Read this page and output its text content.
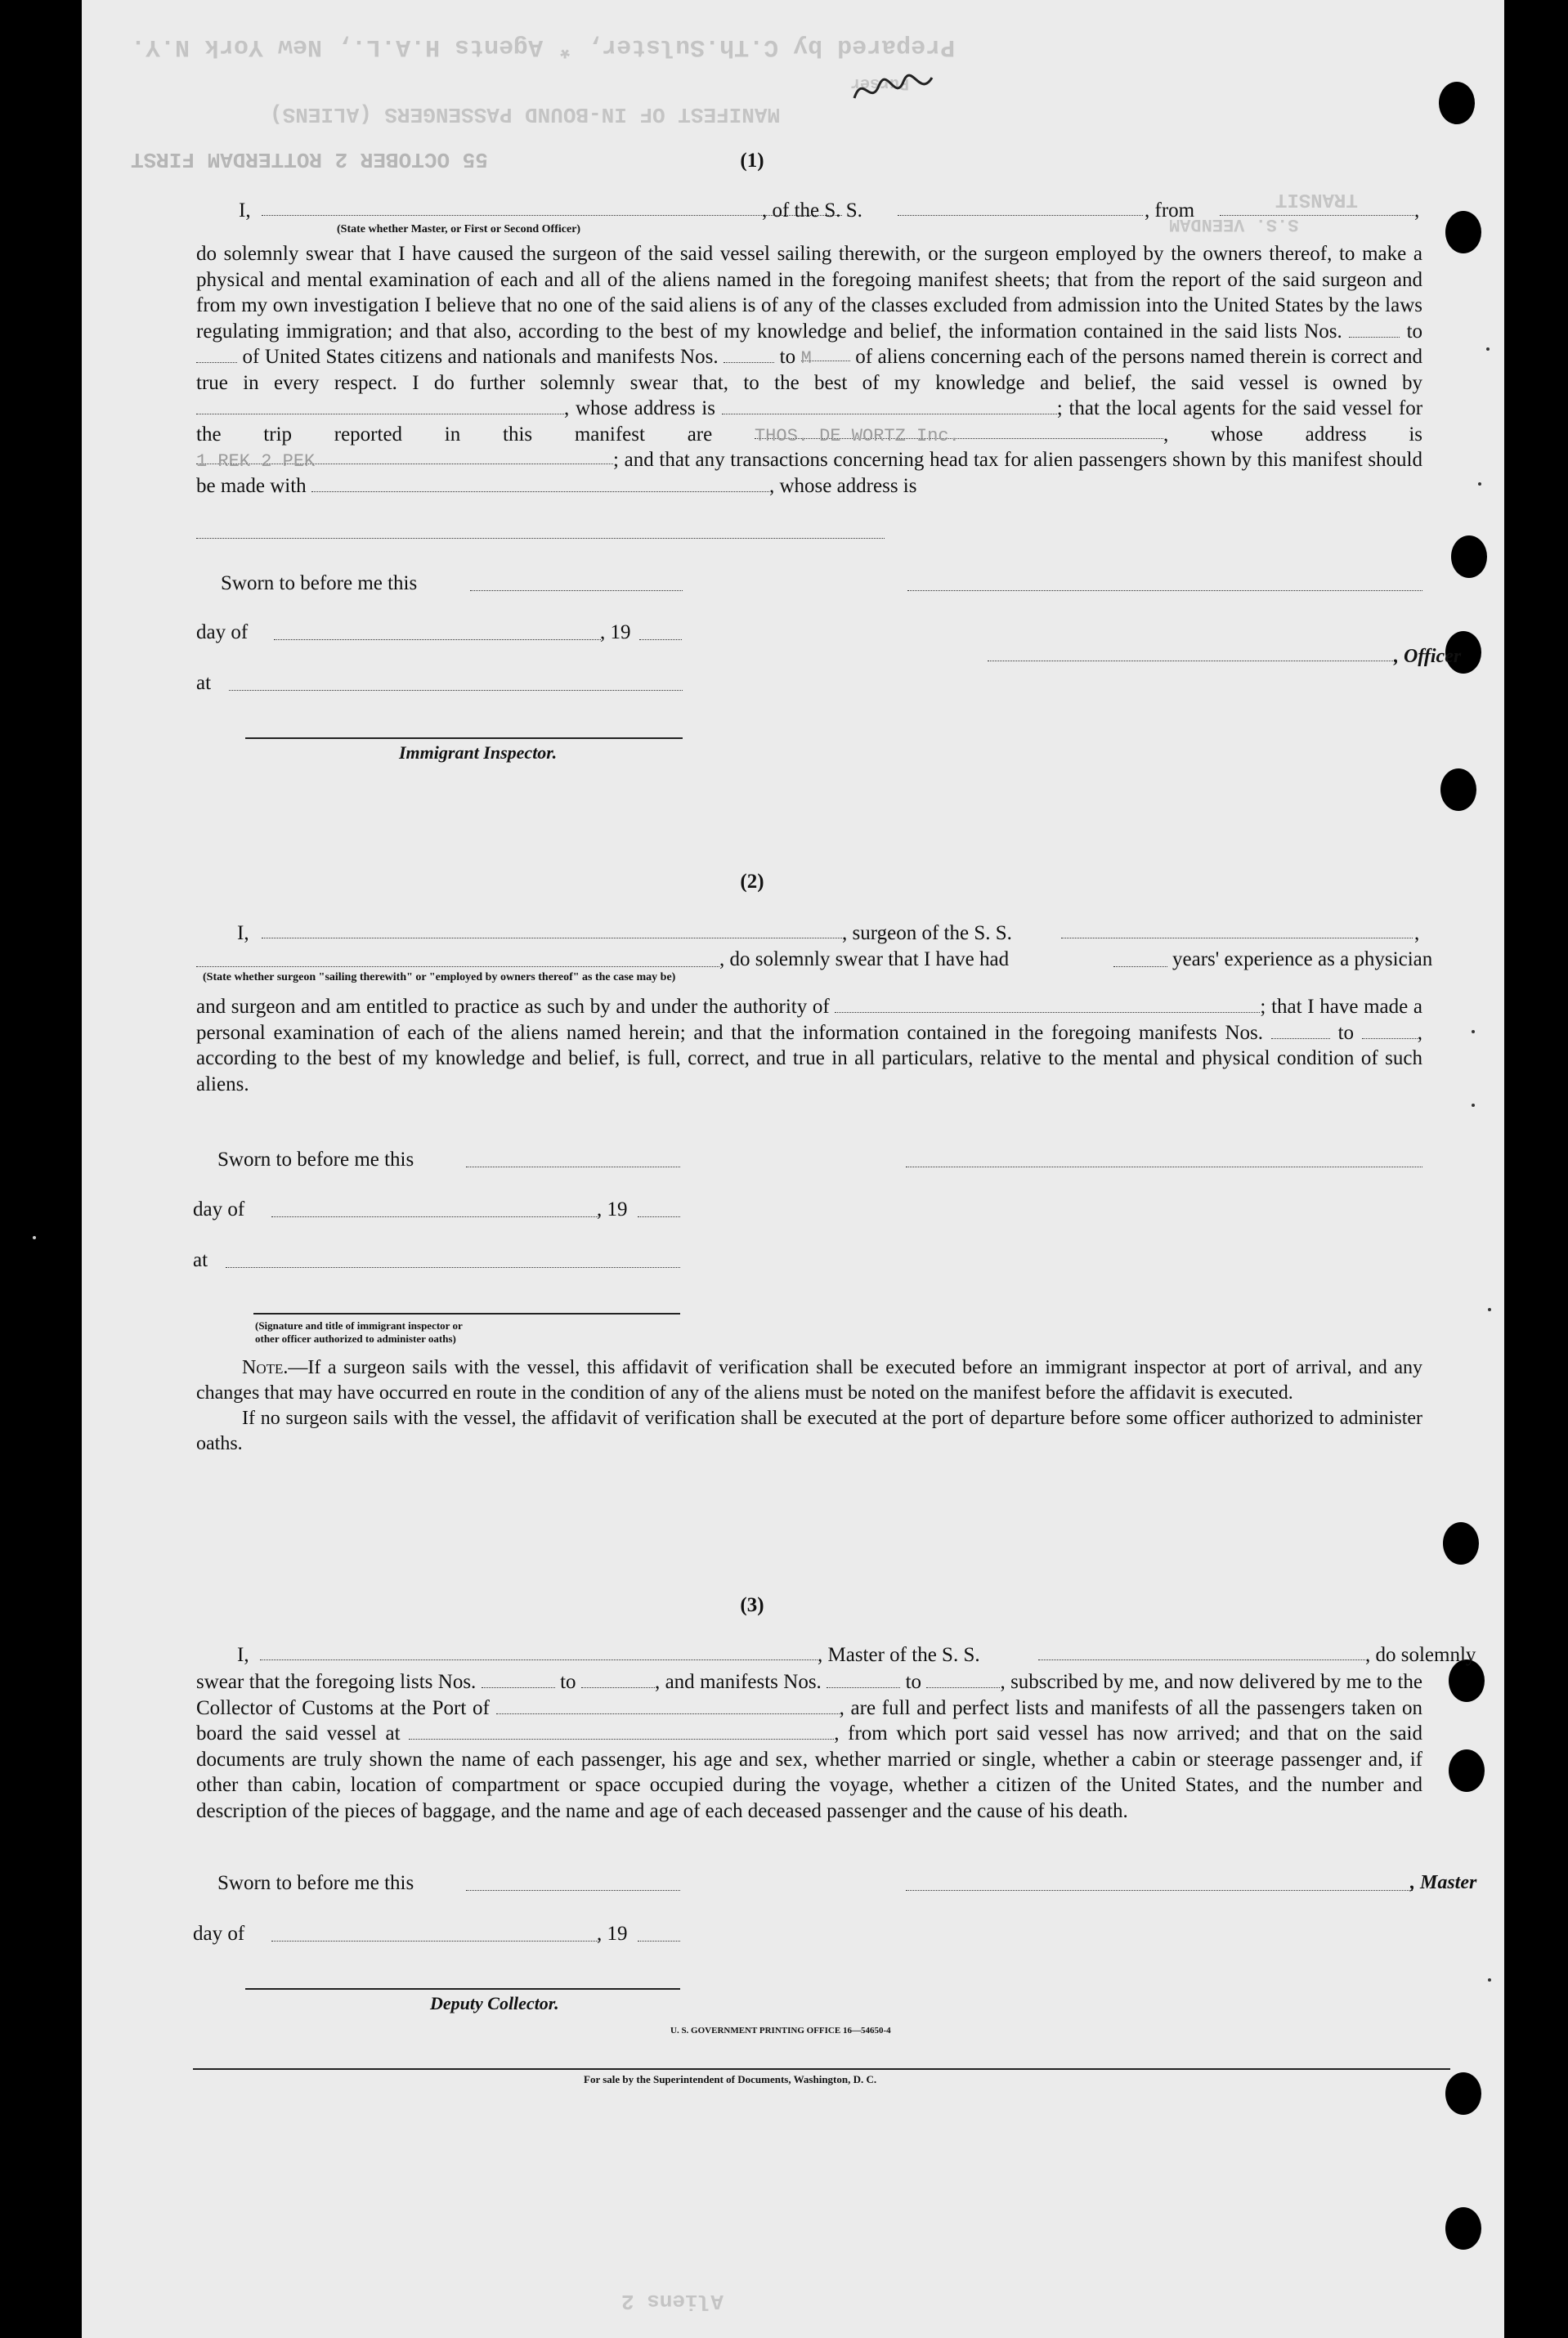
Prepared by C.Th.Sulster, * Agents H.A.L., New York N.Y.
MANIFEST OF IN-BOUND PASSENGERS (ALIENS)
55 OCTOBER 2 ROTTERDAM FIRST
Purser
TRANSIT
S.S. VEENDAM
(1)
I,	, of the S. S.	, from	,
(State whether Master, or First or Second Officer)

do solemnly swear that I have caused the surgeon of the said vessel sailing therewith, or the surgeon employed by the owners thereof, to make a physical and mental examination of each and all of the aliens named in the foregoing manifest sheets; that from the report of the said surgeon and from my own investigation I believe that no one of the said aliens is of any of the classes excluded from admission into the United States by the laws regulating immigration; and that also, according to the best of my knowledge and belief, the information contained in the said lists Nos.	to  of United States citizens and nationals and manifests Nos.	to M of aliens concerning each of the persons named therein is correct and true in every respect. I do further solemnly swear that, to the best of my knowledge and belief, the said vessel is owned by , whose address is	; that the local agents for the said vessel for the trip reported in this manifest are THOS. DE WORTZ Inc.	, whose address is 1 REK 2 PEK	; and that any transactions concerning head tax for alien passengers shown by this manifest should be made with	, whose address is

Sworn to before me this
day of	, 19
, Officer
at
Immigrant Inspector.
(2)
I,	, surgeon of the S. S.	,
, do solemnly swear that I have had	years' experience as a physician
(State whether surgeon "sailing therewith" or "employed by owners thereof" as the case may be)

and surgeon and am entitled to practice as such by and under the authority of	; that I have made a personal examination of each of the aliens named herein; and that the information contained in the foregoing manifests Nos.	to	, according to the best of my knowledge and belief, is full, correct, and true in all particulars, relative to the mental and physical condition of such aliens.

Sworn to before me this
day of	, 19
at
(Signature and title of immigrant inspector or
other officer authorized to administer oaths)

Note.—If a surgeon sails with the vessel, this affidavit of verification shall be executed before an immigrant inspector at port of arrival, and any changes that may have occurred en route in the condition of any of the aliens must be noted on the manifest before the affidavit is executed.

If no surgeon sails with the vessel, the affidavit of verification shall be executed at the port of departure before some officer authorized to administer oaths.

(3)
I,	, Master of the S. S.	, do solemnly

swear that the foregoing lists Nos.	to	, and manifests Nos.	to	, subscribed by me, and now delivered by me to the Collector of Customs at the Port of	, are full and perfect lists and manifests of all the passengers taken on board the said vessel at	, from which port said vessel has now arrived; and that on the said documents are truly shown the name of each passenger, his age and sex, whether married or single, whether a cabin or steerage passenger and, if other than cabin, location of compartment or space occupied during the voyage, whether a citizen of the United States, and the number and description of the pieces of baggage, and the name and age of each deceased passenger and the cause of his death.

Sworn to before me this	, Master
day of	, 19
Deputy Collector.
U. S. GOVERNMENT PRINTING OFFICE 16—54650-4
For sale by the Superintendent of Documents, Washington, D. C.
Aliens 2
